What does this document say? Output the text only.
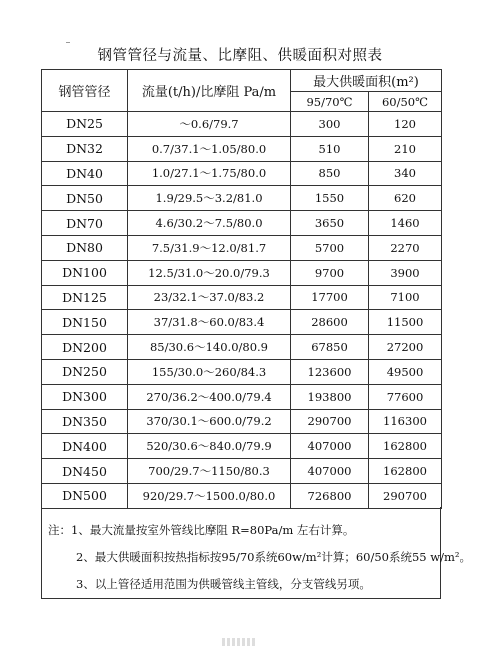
钢管管径与流量、比摩阻、供暖面积对照表
钢管管径	流量(t/h)/比摩阻 Pa/m	最大供暖面积(m²)	
		95/70℃	60/50℃
DN25	～0.6/79.7	300	120
DN32	0.7/37.1～1.05/80.0	510	210
DN40	1.0/27.1～1.75/80.0	850	340
DN50	1.9/29.5～3.2/81.0	1550	620
DN70	4.6/30.2～7.5/80.0	3650	1460
DN80	7.5/31.9～12.0/81.7	5700	2270
DN100	12.5/31.0～20.0/79.3	9700	3900
DN125	23/32.1～37.0/83.2	17700	7100
DN150	37/31.8～60.0/83.4	28600	11500
DN200	85/30.6～140.0/80.9	67850	27200
DN250	155/30.0～260/84.3	123600	49500
DN300	270/36.2～400.0/79.4	193800	77600
DN350	370/30.1～600.0/79.2	290700	116300
DN400	520/30.6～840.0/79.9	407000	162800
DN450	700/29.7～1150/80.3	407000	162800
DN500	920/29.7～1500.0/80.0	726800	290700
注：1、最大流量按室外管线比摩阻 R=80Pa/m 左右计算。
2、最大供暖面积按热指标按95/70系统60w/m²计算；60/50系统55 w/m²。
3、以上管径适用范围为供暖管线主管线，分支管线另项。
